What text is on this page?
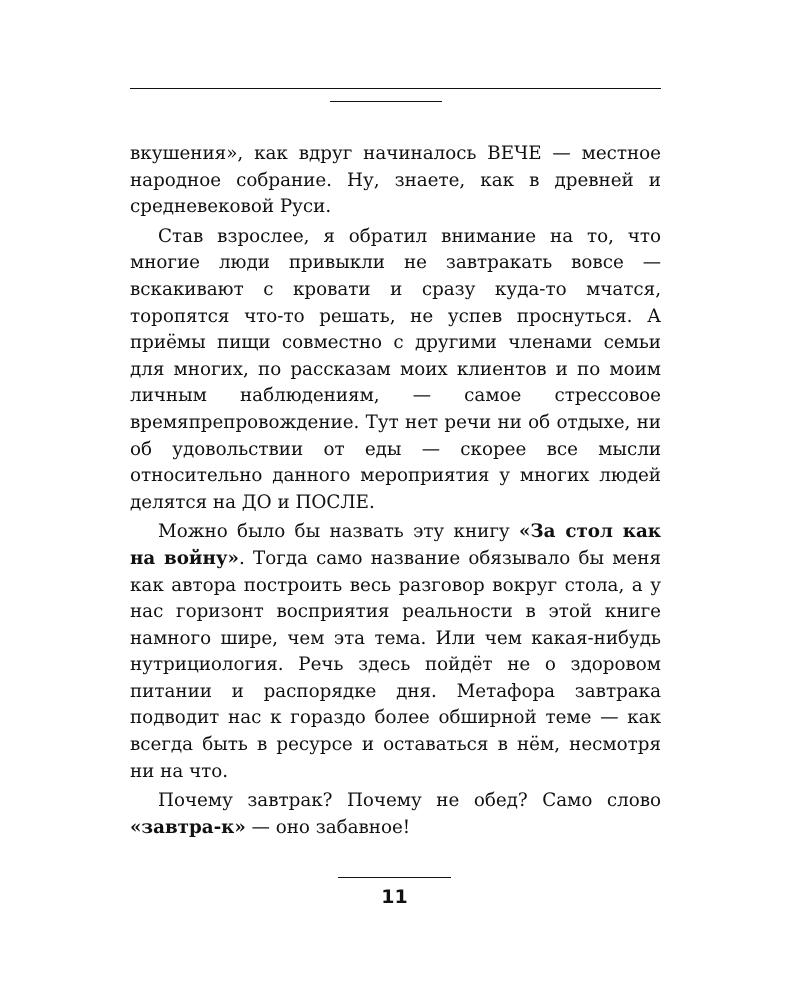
вкушения», как вдруг начиналось ВЕЧЕ — местное народное собрание. Ну, знаете, как в древней и средневековой Руси.

Став взрослее, я обратил внимание на то, что многие люди привыкли не завтракать вовсе — вскакивают с кровати и сразу куда-то мчатся, торопятся что-то решать, не успев проснуться. А приёмы пищи совместно с другими членами семьи для многих, по рассказам моих клиентов и по моим личным наблюдениям, — самое стрессовое времяпрепровождение. Тут нет речи ни об отдыхе, ни об удовольствии от еды — скорее все мысли относительно данного мероприятия у многих людей делятся на ДО и ПОСЛЕ.

Можно было бы назвать эту книгу «За стол как на войну». Тогда само название обязывало бы меня как автора построить весь разговор вокруг стола, а у нас горизонт восприятия реальности в этой книге намного шире, чем эта тема. Или чем какая-нибудь нутрициология. Речь здесь пойдёт не о здоровом питании и распорядке дня. Метафора завтрака подводит нас к гораздо более обширной теме — как всегда быть в ресурсе и оставаться в нём, несмотря ни на что.

Почему завтрак? Почему не обед? Само слово «завтра-к» — оно забавное!

11
